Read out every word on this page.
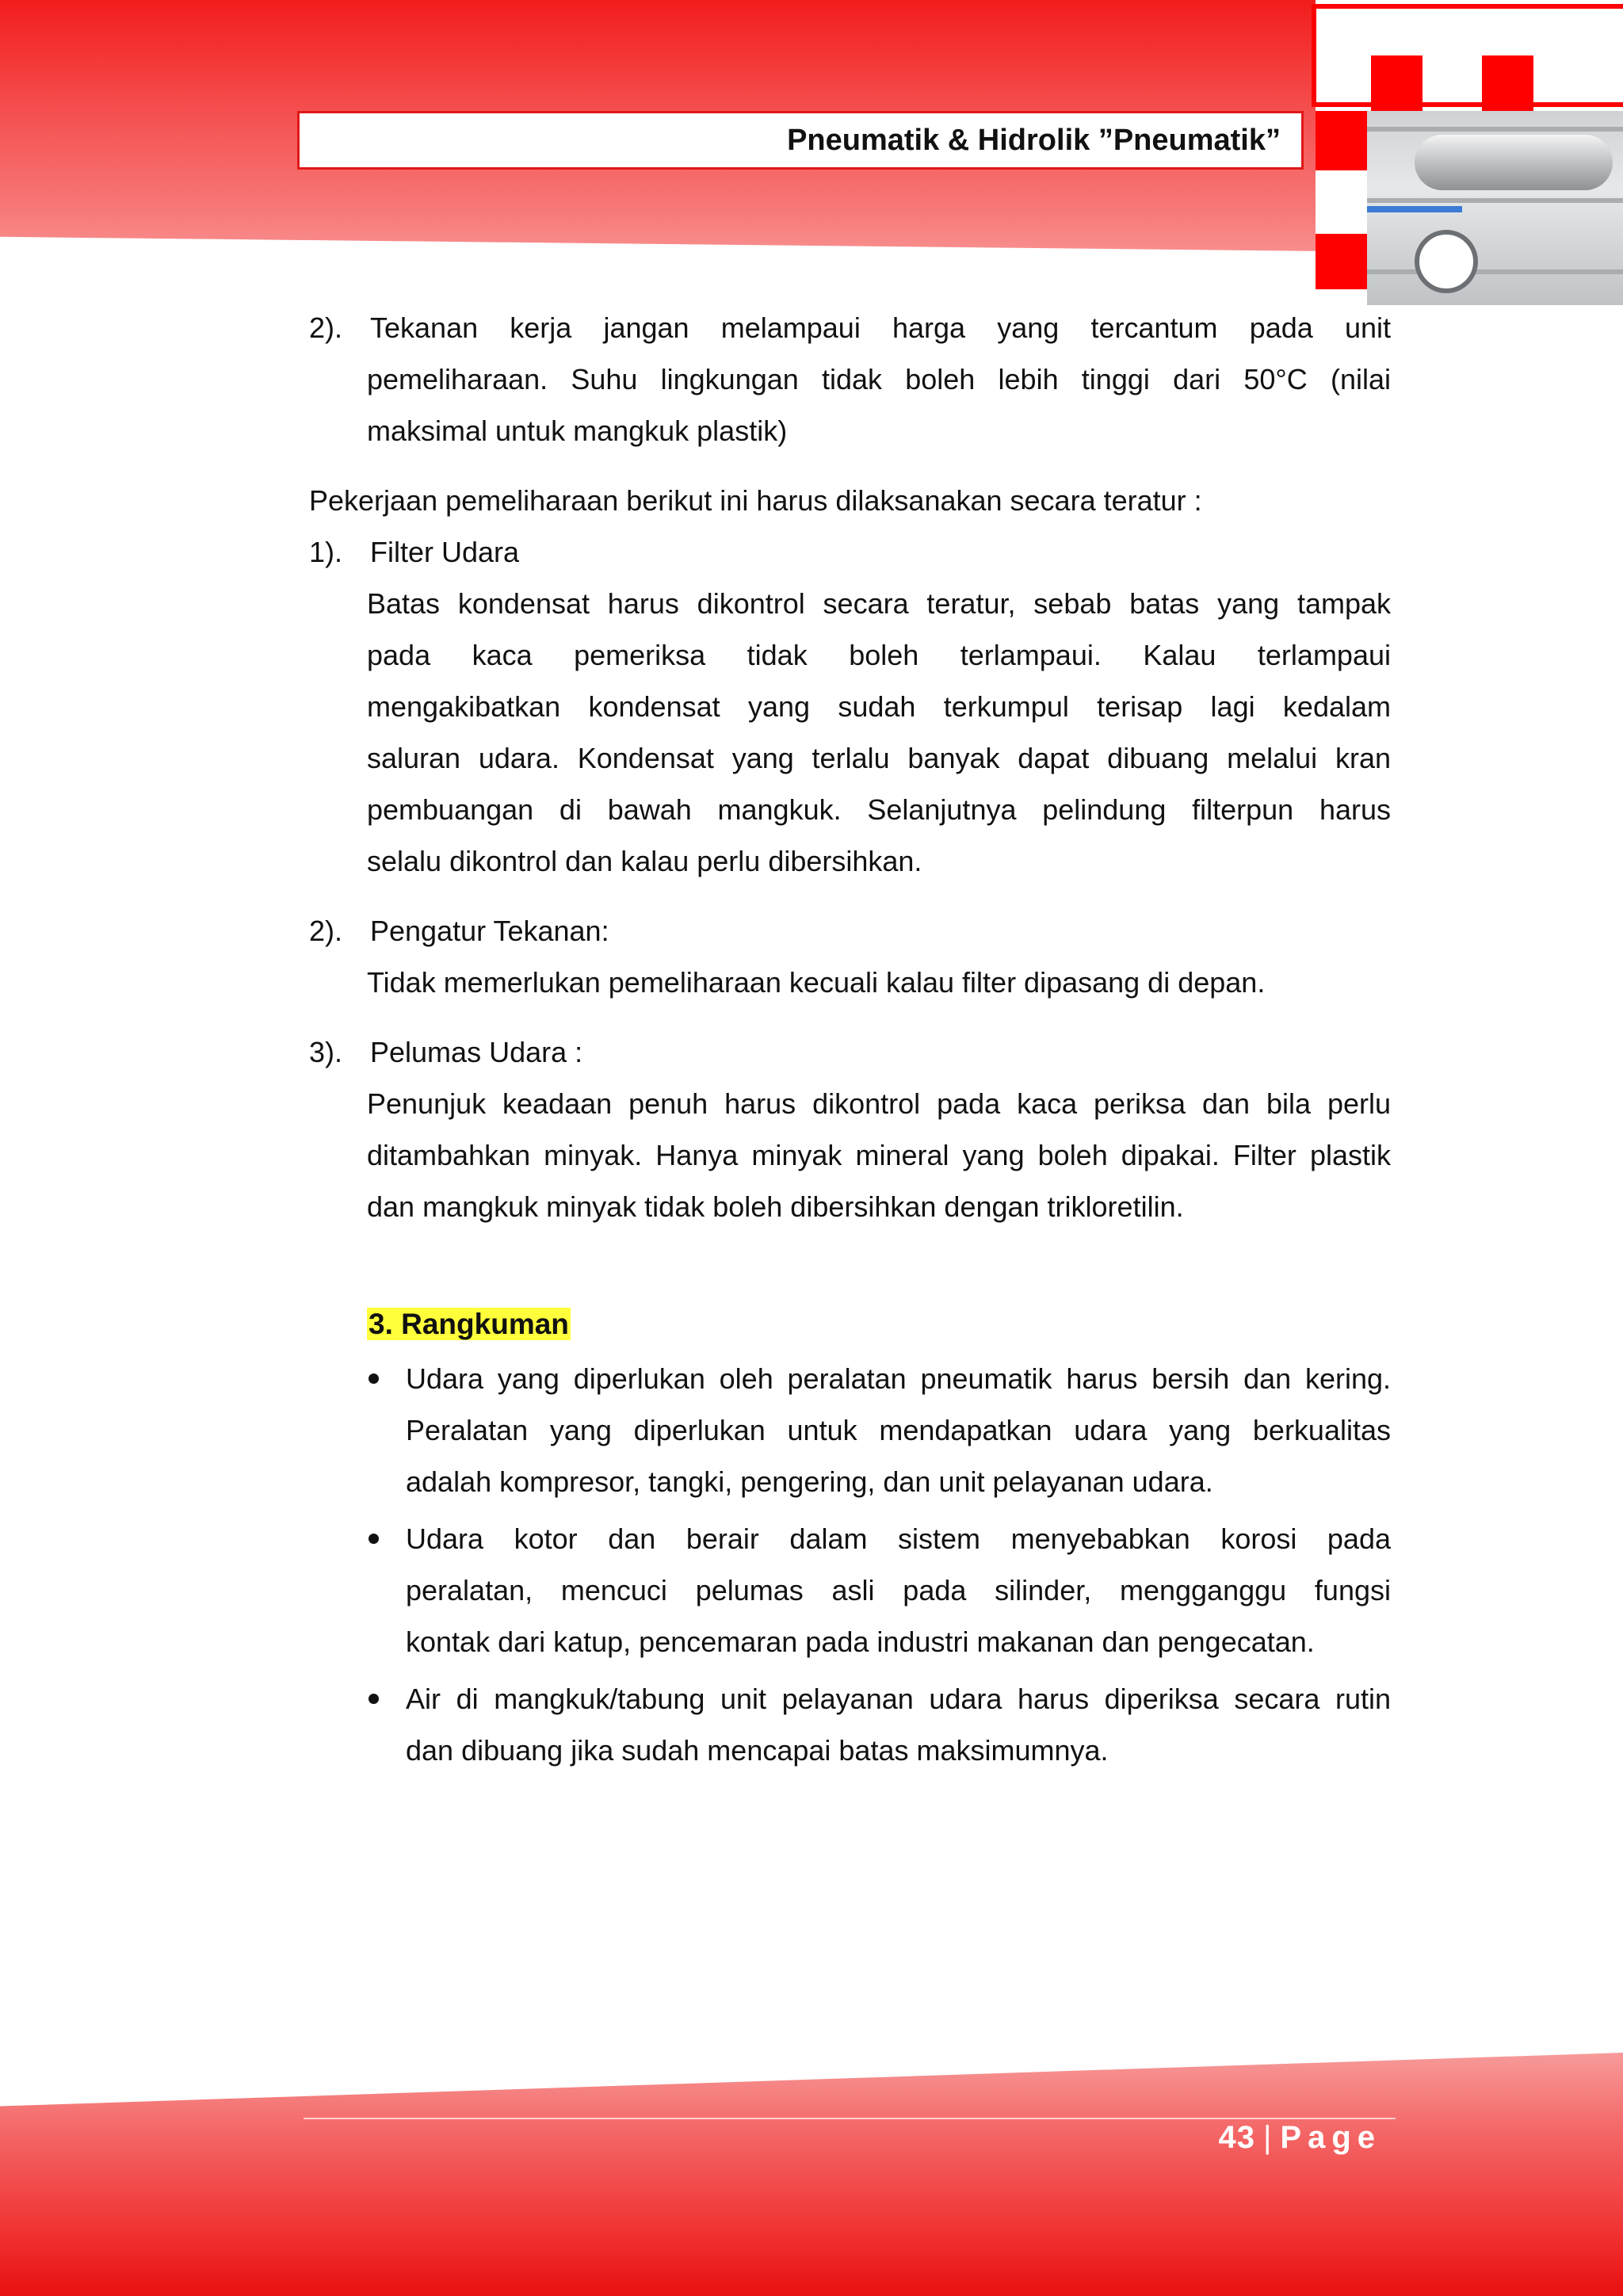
Pneumatik & Hidrolik ”Pneumatik”
2). Tekanan kerja jangan melampaui harga yang tercantum pada unit
pemeliharaan. Suhu lingkungan tidak boleh lebih tinggi dari 50°C (nilai
maksimal untuk mangkuk plastik)
Pekerjaan pemeliharaan berikut ini harus dilaksanakan secara teratur :
1). Filter Udara
Batas kondensat harus dikontrol secara teratur, sebab batas yang tampak
pada kaca pemeriksa tidak boleh terlampaui. Kalau terlampaui
mengakibatkan kondensat yang sudah terkumpul terisap lagi kedalam
saluran udara. Kondensat yang terlalu banyak dapat dibuang melalui kran
pembuangan di bawah mangkuk. Selanjutnya pelindung filterpun harus
selalu dikontrol dan kalau perlu dibersihkan.
2). Pengatur Tekanan:
Tidak memerlukan pemeliharaan kecuali kalau filter dipasang di depan.
3). Pelumas Udara :
Penunjuk keadaan penuh harus dikontrol pada kaca periksa dan bila perlu
ditambahkan minyak. Hanya minyak mineral yang boleh dipakai. Filter plastik
dan mangkuk minyak tidak boleh dibersihkan dengan trikloretilin.
3. Rangkuman
Udara yang diperlukan oleh peralatan pneumatik harus bersih dan kering.
Peralatan yang diperlukan untuk mendapatkan udara yang berkualitas
adalah kompresor, tangki, pengering, dan unit pelayanan udara.
Udara kotor dan berair dalam sistem menyebabkan korosi pada
peralatan, mencuci pelumas asli pada silinder, mengganggu fungsi
kontak dari katup, pencemaran pada industri makanan dan pengecatan.
Air di mangkuk/tabung unit pelayanan udara harus diperiksa secara rutin
dan dibuang jika sudah mencapai batas maksimumnya.
43 | Page
